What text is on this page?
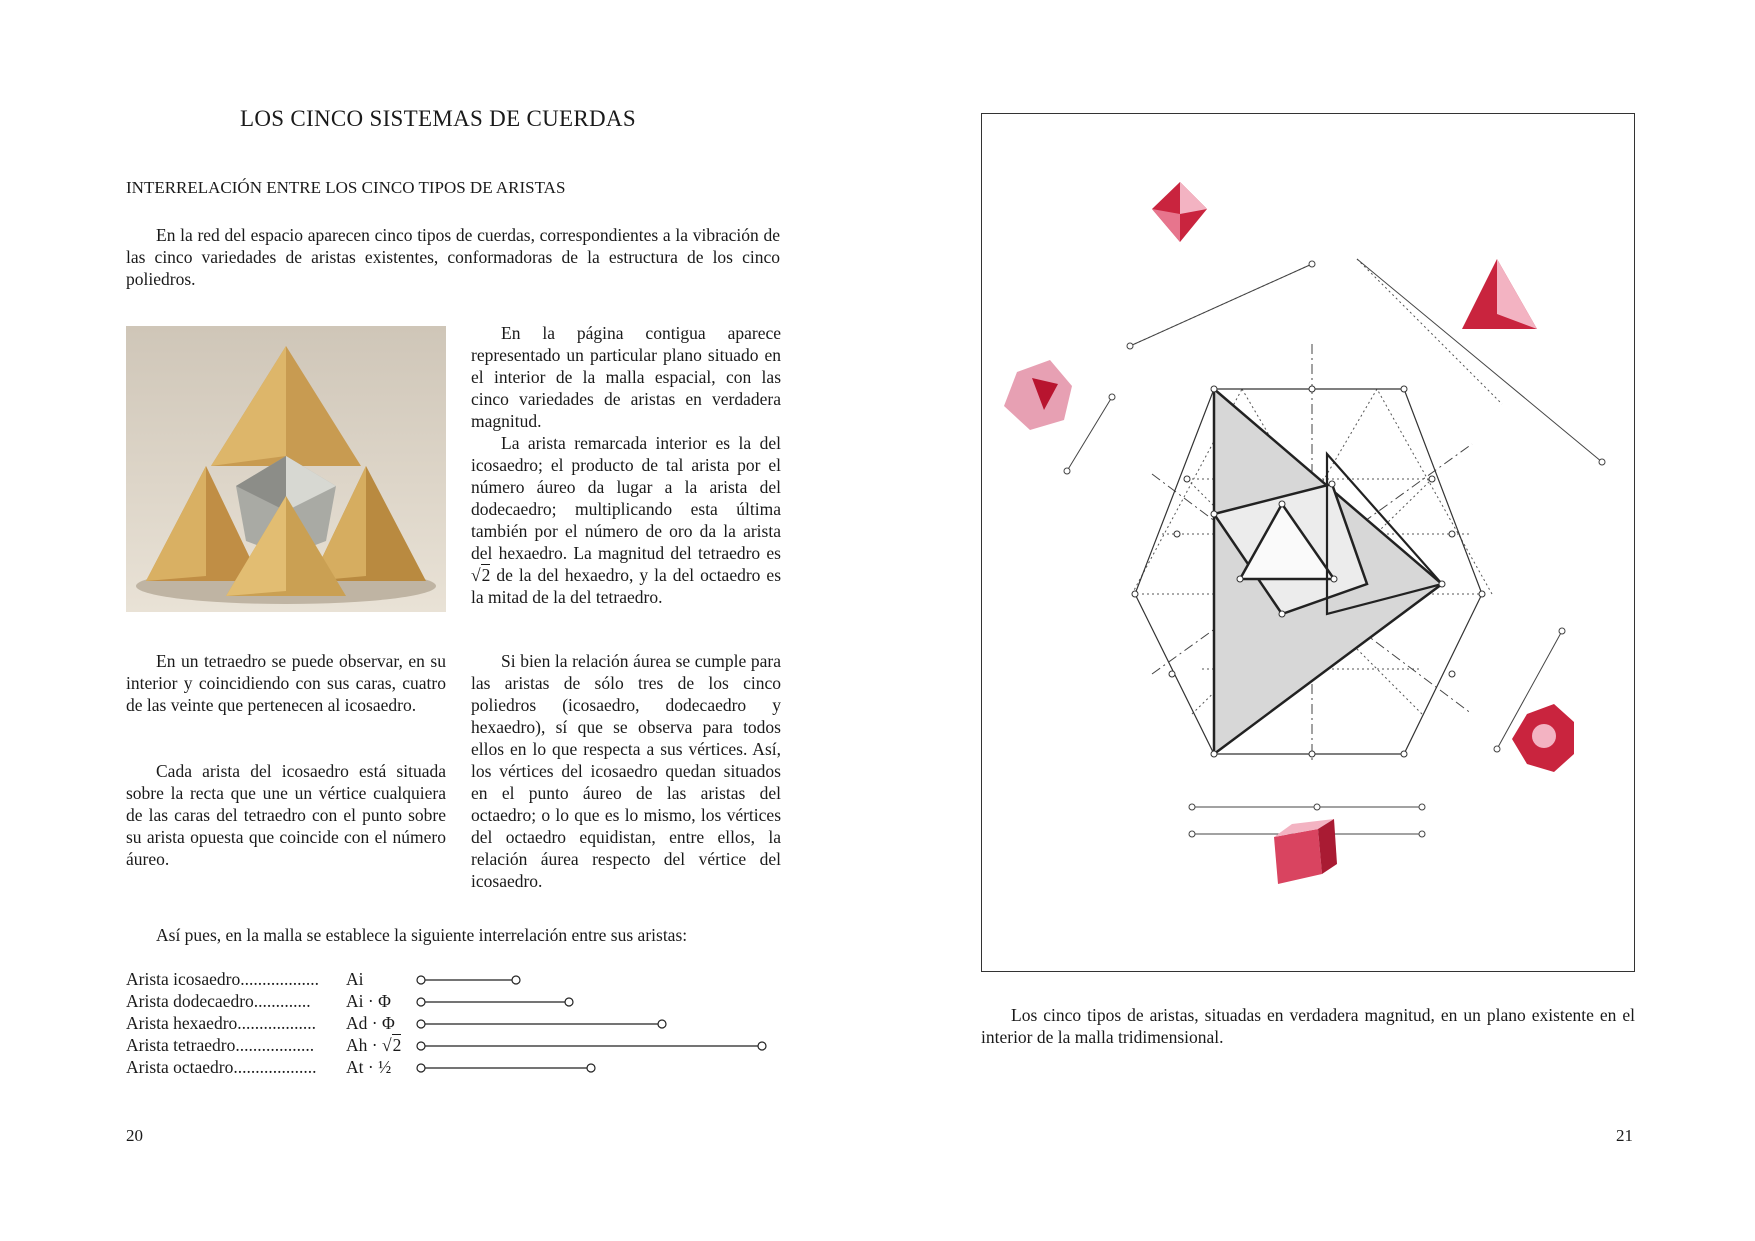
LOS CINCO SISTEMAS DE CUERDAS
INTERRELACIÓN ENTRE LOS CINCO TIPOS DE ARISTAS

En la red del espacio aparecen cinco tipos de cuerdas, correspondientes a la vibración de las cinco variedades de aristas existentes, conformadoras de la estructura de los cinco poliedros.

En la página contigua aparece representado un particular plano situado en el interior de la malla espacial, con las cinco variedades de aristas en verdadera magnitud.

La arista remarcada interior es la del icosaedro; el producto de tal arista por el número áureo da lugar a la arista del dodecaedro; multiplicando esta última también por el número de oro da la arista del hexaedro. La magnitud del tetraedro es √2 de la del hexaedro, y la del octaedro es la mitad de la del tetraedro.

En un tetraedro se puede observar, en su interior y coincidiendo con sus caras, cuatro de las veinte que pertenecen al icosaedro.

Cada arista del icosaedro está situada sobre la recta que une un vértice cualquiera de las caras del tetraedro con el punto sobre su arista opuesta que coincide con el número áureo.

Si bien la relación áurea se cumple para las aristas de sólo tres de los cinco poliedros (icosaedro, dodecaedro y hexaedro), sí que se observa para todos ellos en lo que respecta a sus vértices. Así, los vértices del icosaedro quedan situados en el punto áureo de las aristas del octaedro; o lo que es lo mismo, los vértices del octaedro equidistan, entre ellos, la relación áurea respecto del vértice del icosaedro.

Así pues, en la malla se establece la siguiente interrelación entre sus aristas:

Arista icosaedro.................. Ai
Arista dodecaedro............. Ai · Φ
Arista hexaedro.................. Ad · Φ
Arista tetraedro.................. Ah · √2
Arista octaedro................... At · ½
20

Los cinco tipos de aristas, situadas en verdadera magnitud, en un plano existente en el interior de la malla tridimensional.

21
